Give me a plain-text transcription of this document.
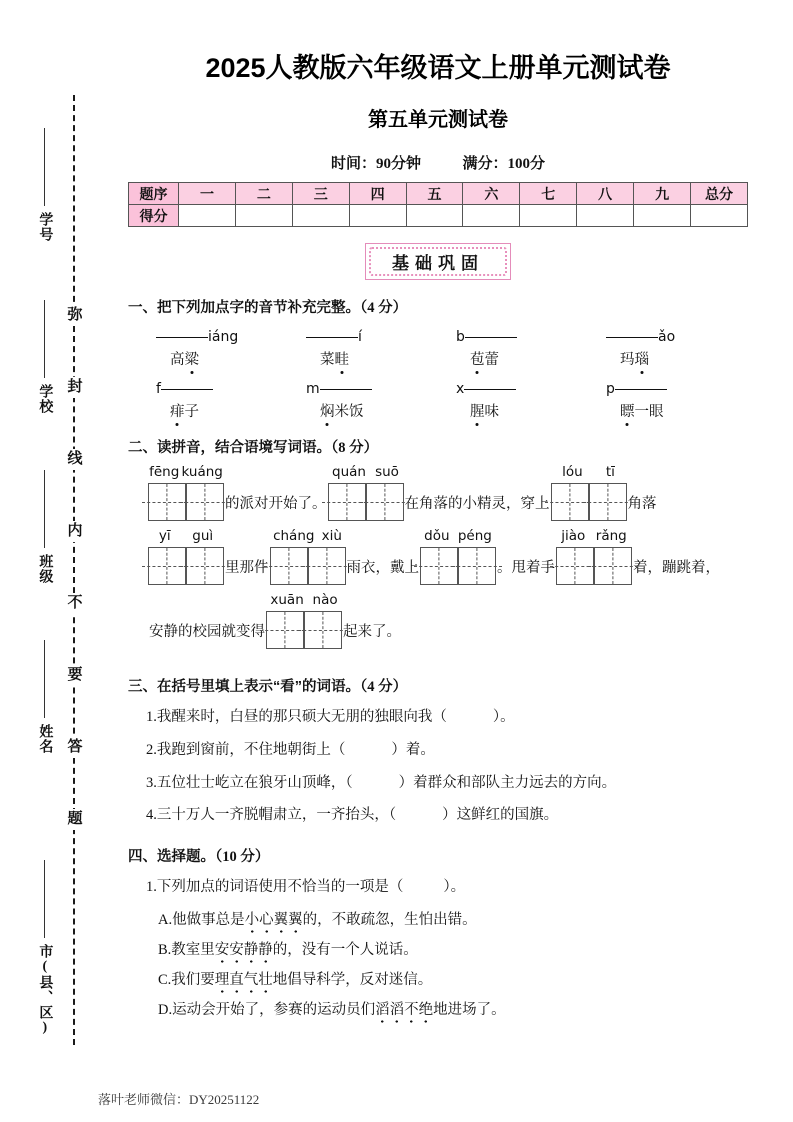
弥
封
线
内
不
要
答
题
学号
学校
班级
姓名
市(县、区)
2025人教版六年级语文上册单元测试卷
第五单元测试卷
时间：90分钟	满分：100分
题序	一	二	三	四	五	六	七	八	九	总分
得分										
基础巩固
一、把下列加点字的音节补充完整。（4 分）
iáng
高粱
í
菜畦
b
苞蕾
ǎo
玛瑙
f
痱子
m
焖米饭
x
腥味
p
瞟一眼
二、读拼音，结合语境写词语。（8 分）
fēng kuáng
的派对开始了。
quán suō
在角落的小精灵，穿上
lóu tī
角落
yī guì
里那件
cháng xiù
雨衣，戴上
dǒu péng
。甩着手
jiào rǎng
着，蹦跳着，
安静的校园就变得
xuān nào
起来了。
三、在括号里填上表示“看”的词语。（4 分）
1.我醒来时，白昼的那只硕大无朋的独眼向我（	）。
2.我跑到窗前，不住地朝街上（	）着。
3.五位壮士屹立在狼牙山顶峰，（	）着群众和部队主力远去的方向。
4.三十万人一齐脱帽肃立，一齐抬头，（	）这鲜红的国旗。
四、选择题。（10 分）
1.下列加点的词语使用不恰当的一项是（	）。
A.他做事总是小心翼翼的，不敢疏忽，生怕出错。
B.教室里安安静静的，没有一个人说话。
C.我们要理直气壮地倡导科学，反对迷信。
D.运动会开始了，参赛的运动员们滔滔不绝地进场了。
落叶老师微信：DY20251122
